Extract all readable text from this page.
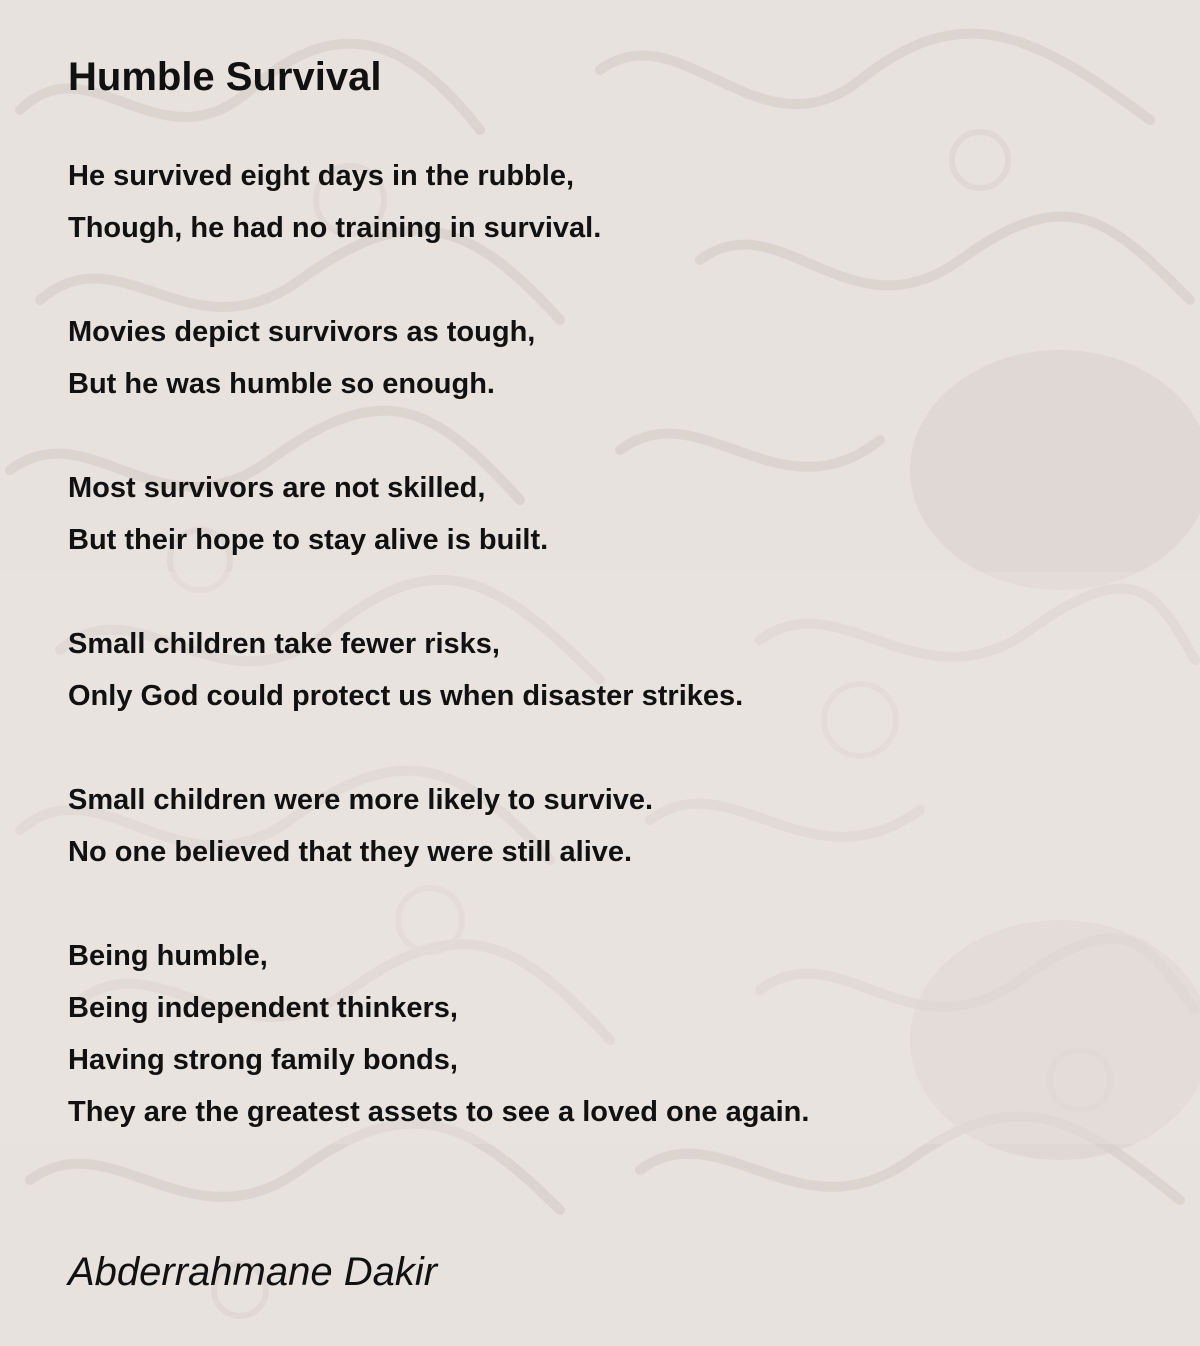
Humble Survival
He survived eight days in the rubble,
Though, he had no training in survival.
Movies depict survivors as tough,
But he was humble so enough.
Most survivors are not skilled,
But their hope to stay alive is built.
Small children take fewer risks,
Only God could protect us when disaster strikes.
Small children were more likely to survive.
No one believed that they were still alive.
Being humble,
Being independent thinkers,
Having strong family bonds,
They are the greatest assets to see a loved one again.
Abderrahmane Dakir
